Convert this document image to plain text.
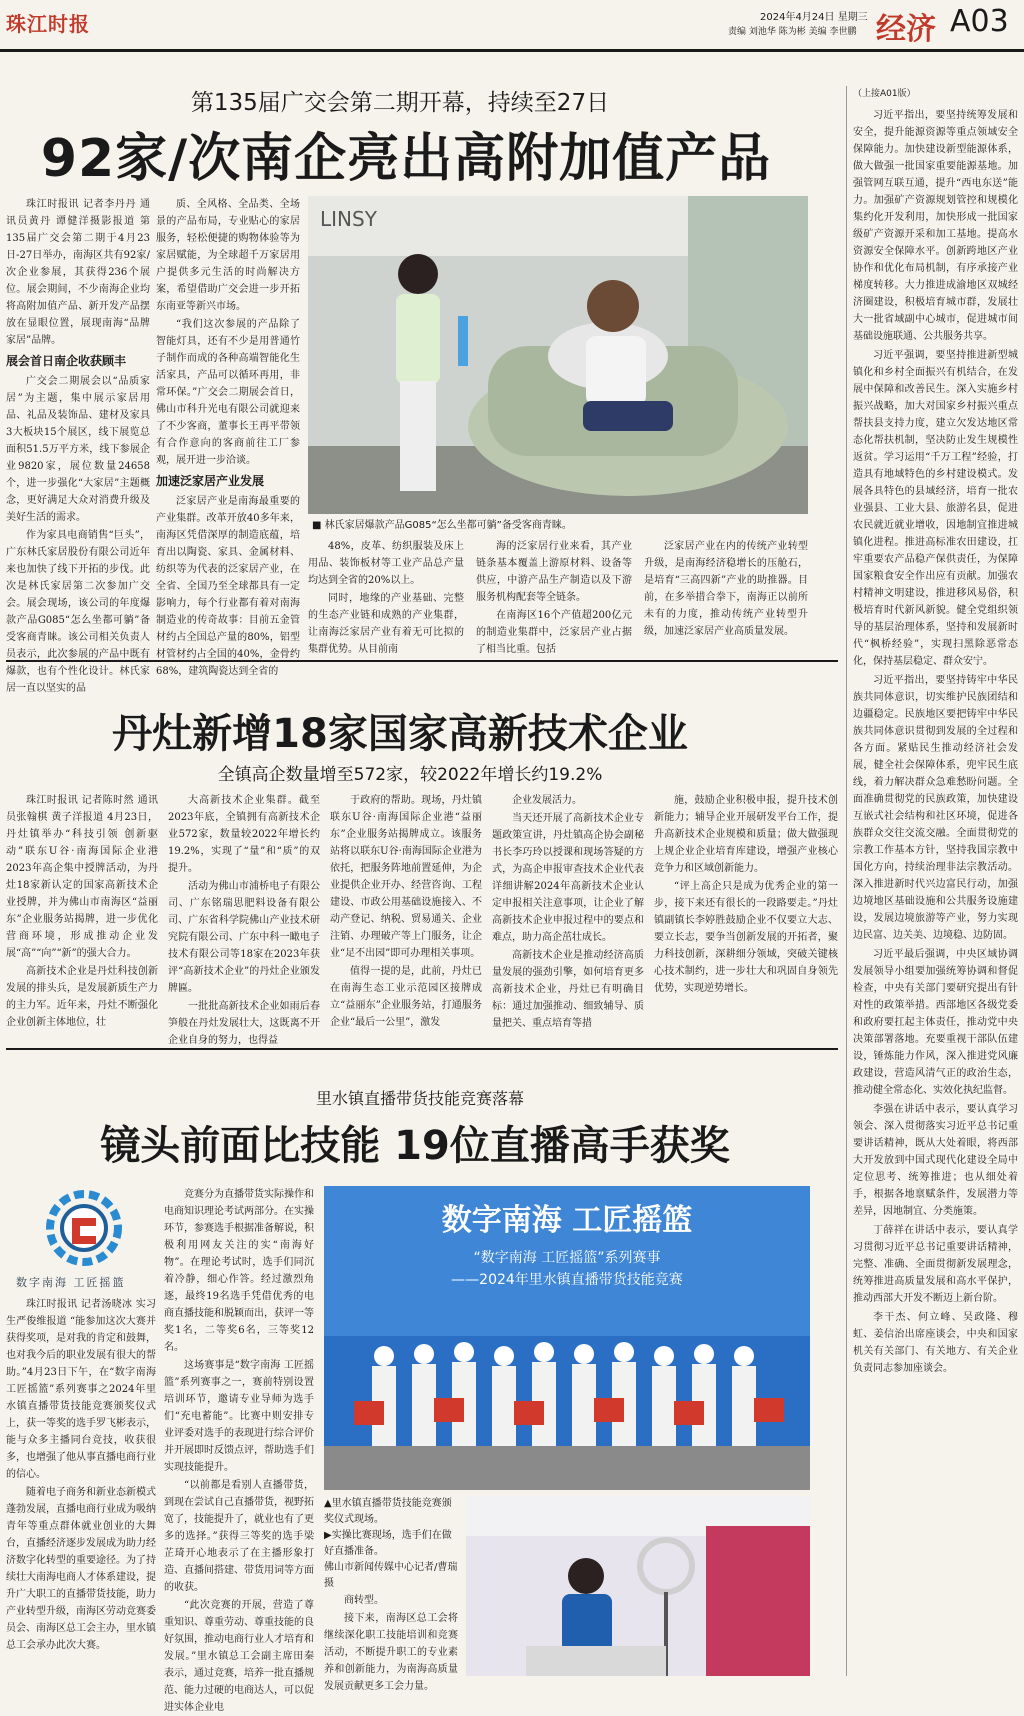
珠江时报	2024年4月24日 星期三
责编 刘池华 陈为彬 美编 李世鹏 经济 A03
（上接A01版）

习近平指出，要坚持统筹发展和安全，提升能源资源等重点领域安全保障能力。加快建设新型能源体系，做大做强一批国家重要能源基地。加强管网互联互通，提升“西电东送”能力。加强矿产资源规划管控和规模化集约化开发利用，加快形成一批国家级矿产资源开采和加工基地。提高水资源安全保障水平。创新跨地区产业协作和优化布局机制，有序承接产业梯度转移。大力推进成渝地区双城经济圈建设，积极培育城市群，发展壮大一批省域副中心城市，促进城市间基础设施联通、公共服务共享。

习近平强调，要坚持推进新型城镇化和乡村全面振兴有机结合，在发展中保障和改善民生。深入实施乡村振兴战略，加大对国家乡村振兴重点帮扶县支持力度，建立欠发达地区常态化帮扶机制，坚决防止发生规模性返贫。学习运用“千万工程”经验，打造具有地域特色的乡村建设模式。发展各具特色的县域经济，培育一批农业强县、工业大县、旅游名县，促进农民就近就业增收，因地制宜推进城镇化进程。推进高标准农田建设，扛牢重要农产品稳产保供责任，为保障国家粮食安全作出应有贡献。加强农村精神文明建设，推进移风易俗，积极培育时代新风新貌。健全党组织领导的基层治理体系，坚持和发展新时代“枫桥经验”，实现扫黑除恶常态化，保持基层稳定、群众安宁。

习近平指出，要坚持铸牢中华民族共同体意识，切实维护民族团结和边疆稳定。民族地区要把铸牢中华民族共同体意识贯彻到发展的全过程和各方面。紧贴民生推动经济社会发展，健全社会保障体系，兜牢民生底线，着力解决群众急难愁盼问题。全面准确贯彻党的民族政策，加快建设互嵌式社会结构和社区环境，促进各族群众交往交流交融。全面贯彻党的宗教工作基本方针，坚持我国宗教中国化方向，持续治理非法宗教活动。深入推进新时代兴边富民行动，加强边境地区基础设施和公共服务设施建设，发展边境旅游等产业，努力实现边民富、边关美、边境稳、边防固。

习近平最后强调，中央区域协调发展领导小组要加强统筹协调和督促检查，中央有关部门要研究提出有针对性的政策举措。西部地区各级党委和政府要扛起主体责任，推动党中央决策部署落地。充要重视干部队伍建设，锤炼能力作风，深入推进党风廉政建设，营造风清气正的政治生态，推动健全常态化、实效化执纪监督。

李强在讲话中表示，要认真学习领会、深入贯彻落实习近平总书记重要讲话精神，既从大处着眼，将西部大开发放到中国式现代化建设全局中定位思考、统筹推进；也从细处着手，根据各地禀赋条件，发展潜力等差异，因地制宜、分类施策。

丁薛祥在讲话中表示，要认真学习贯彻习近平总书记重要讲话精神，完整、准确、全面贯彻新发展理念，统筹推进高质量发展和高水平保护，推动西部大开发不断迈上新台阶。

李干杰、何立峰、吴政隆、穆虹、姜信治出席座谈会，中央和国家机关有关部门、有关地方、有关企业负责同志参加座谈会。

第135届广交会第二期开幕，持续至27日
92家/次南企亮出高附加值产品

珠江时报讯 记者李丹丹 通讯员黄丹 谭健洋摄影报道 第135届广交会第二期于4月23日-27日举办，南海区共有92家/次企业参展，其获得236个展位。展会期间，不少南海企业均将高附加值产品、新开发产品摆放在显眼位置，展现南海“品牌家居”品牌。

展会首日南企收获顾丰

广交会二期展会以“品质家居”为主题，集中展示家居用品、礼品及装饰品、建材及家具3大板块15个展区，线下展览总面积51.5万平方米，线下参展企业9820家，展位数量24658个，进一步强化“大家居”主题概念，更好满足大众对消费升级及美好生活的需求。

作为家具电商销售“巨头”，广东林氏家居股份有限公司近年来也加快了线下开拓的步伐。此次是林氏家居第二次参加广交会。展会现场，该公司的年度爆款产品G085“怎么坐都可躺”备受客商青睐。该公司相关负责人员表示，此次参展的产品中既有爆款，也有个性化设计。林氏家居一直以坚实的品

质、全风格、全品类、全场景的产品布局，专业贴心的家居服务，轻松便捷的购物体验等为家居赋能，为全球超千万家居用户提供多元生活的时尚解决方案，希望借助广交会进一步开拓东南亚等新兴市场。

“我们这次参展的产品除了智能灯具，还有不少是用普通竹子制作而成的各种高端智能化生活家具，产品可以循环再用，非常环保。”广交会二期展会首日，佛山市科升光电有限公司就迎来了不少客商，董事长王再平带领有合作意向的客商前往工厂参观，展开进一步洽谈。

加速泛家居产业发展

泛家居产业是南海最重要的产业集群。改革开放40多年来，南海区凭借深厚的制造底蕴，培育出以陶瓷、家具、金属材料、纺织等为代表的泛家居产业，在全省、全国乃至全球都具有一定影响力，每个行业都有着对南海制造业的传奇故事：目前五金管材约占全国总产量的80%，铝型材管材约占全国的40%，金骨约68%，建筑陶瓷达到全省的

LINSY
■ 林氏家居爆款产品G085“怎么坐都可躺”备受客商青睐。

48%，皮革、纺织服装及床上用品、装饰板材等工业产品总产量均达到全省的20%以上。

同时，地缘的产业基础、完整的生态产业链和成熟的产业集群，让南海泛家居产业有着无可比拟的集群优势。从目前南

海的泛家居行业来看，其产业链条基本覆盖上游原材料、设备等供应，中游产品生产制造以及下游服务机构配套等全链条。

在南海区16个产值超200亿元的制造业集群中，泛家居产业占据了相当比重。包括

泛家居产业在内的传统产业转型升级，是南海经济稳增长的压舱石，是培育“三高四新”产业的助推器。目前，在多举措合拳下，南海正以前所未有的力度，推动传统产业转型升级，加速泛家居产业高质量发展。

丹灶新增18家国家高新技术企业
全镇高企数量增至572家，较2022年增长约19.2%

珠江时报讯 记者陈时然 通讯员张翰棋 黄子洋报道 4月23日，丹灶镇举办“科技引领 创新驱动”联东U谷·南海国际企业港2023年高企集中授牌活动，为丹灶18家新认定的国家高新技术企业授牌，并为佛山市南海区“益丽东”企业服务站揭牌，进一步优化营商环境，形成推动企业发展“高”“向”“新”的强大合力。

高新技术企业是丹灶科技创新发展的排头兵，是发展新质生产力的主力军。近年来，丹灶不断强化企业创新主体地位，壮

大高新技术企业集群。截至2023年底，全镇拥有高新技术企业572家，数量较2022年增长约19.2%，实现了“量”和“质”的双提升。

活动为佛山市浦桥电子有限公司、广东铭瑞思肥料设备有限公司、广东省科学院佛山产业技术研究院有限公司、广东中科一瞰电子技术有限公司等18家在2023年获评“高新技术企业”的丹灶企业颁发牌匾。

一批批高新技术企业如雨后春笋般在丹灶发展壮大，这既离不开企业自身的努力，也得益

于政府的帮助。现场，丹灶镇联东U谷·南海国际企业港“益丽东”企业服务站揭牌成立。该服务站将以联东U谷·南海国际企业港为依托，把服务阵地前置延伸，为企业提供企业开办、经营咨询、工程建设、市政公用基础设施接入、不动产登记、纳税、贸易通关、企业注销、办理破产等上门服务，让企业“足不出园”即可办理相关事项。

值得一提的是，此前，丹灶已在南海生态工业示范园区接牌成立“益丽东”企业服务站，打通服务企业“最后一公里”，激发

企业发展活力。

当天还开展了高新技术企业专题政策宣讲，丹灶镇高企协会副秘书长李巧玲以授课和现场答疑的方式，为高企申报审查技术企业代表详细讲解2024年高新技术企业认定申报相关注意事项，让企业了解高新技术企业申报过程中的要点和难点，助力高企茁壮成长。

高新技术企业是推动经济高质量发展的强劲引擎，如何培育更多高新技术企业，丹灶已有明确目标：通过加强推动、细致辅导、质量把关、重点培育等措

施，鼓励企业积极申报，提升技术创新能力；辅导企业开展研发平台工作，提升高新技术企业规模和质量；做大做强现上规企业企业培育库建设，增强产业核心竞争力和区域创新能力。

“评上高企只是成为优秀企业的第一步，接下来还有很长的一段路要走。”丹灶镇副镇长李婷胜鼓励企业不仅要立大志、要立长志，要争当创新发展的开拓者，聚力科技创新，深耕细分领域，突破关键核心技术制约，进一步壮大和巩固自身领先优势，实现逆势增长。

里水镇直播带货技能竞赛落幕
镜头前面比技能 19位直播高手获奖
数字南海 工匠摇篮

珠江时报讯 记者汤晓冰 实习生严俊维报道 “能参加这次大赛并获得奖项，是对我的肯定和鼓舞，也对我今后的职业发展有很大的帮助。”4月23日下午，在“数字南海 工匠摇篮”系列赛事之2024年里水镇直播带货技能竞赛颁奖仪式上，获一等奖的选手罗飞彬表示，能与众多主播同台竞技，收获很多，也增强了他从事直播电商行业的信心。

随着电子商务和新业态新模式蓬勃发展，直播电商行业成为吸纳青年等重点群体就业创业的大舞台，直播经济逐步发展成为助力经济数字化转型的重要途径。为了持续壮大南海电商人才体系建设，提升广大职工的直播带货技能，助力产业转型升级，南海区劳动竞赛委员会、南海区总工会主办，里水镇总工会承办此次大赛。

竞赛分为直播带货实际操作和电商知识理论考试两部分。在实操环节，参赛选手根据准备解说，积极利用网友关注的实“南海好物”。在理论考试时，选手们同沉着冷静，细心作答。经过激烈角逐，最终19名选手凭借优秀的电商直播技能和脱颖而出，获评一等奖1名，二等奖6名，三等奖12名。

这场赛事是“数字南海 工匠摇篮”系列赛事之一，赛前特别设置培训环节，邀请专业导师为选手们“充电蓄能”。比赛中则安排专业评委对选手的表现进行综合评价并开展即时反馈点评，帮助选手们实现技能提升。

“以前都是看别人直播带货，到现在尝试自己直播带货，视野拓宽了，技能提升了，就业也有了更多的选择。”获得三等奖的选手梁芷琦开心地表示了在主播形象打造、直播间搭建、带货用词等方面的收获。

“此次竞赛的开展，营造了尊重知识、尊重劳动、尊重技能的良好氛围，推动电商行业人才培育和发展。”里水镇总工会副主席田秦表示，通过竞赛，培养一批直播规范、能力过硬的电商达人，可以促进实体企业电

数字南海 工匠摇篮
“数字南海 工匠摇篮”系列赛事
——2024年里水镇直播带货技能竞赛
▲里水镇直播带货技能竞赛颁奖仪式现场。
▶实操比赛现场，选手们在做好直播准备。
佛山市新闻传媒中心记者/曹瑞 摄

商转型。

接下来，南海区总工会将继续深化职工技能培训和竞赛活动，不断提升职工的专业素养和创新能力，为南海高质量发展贡献更多工会力量。
